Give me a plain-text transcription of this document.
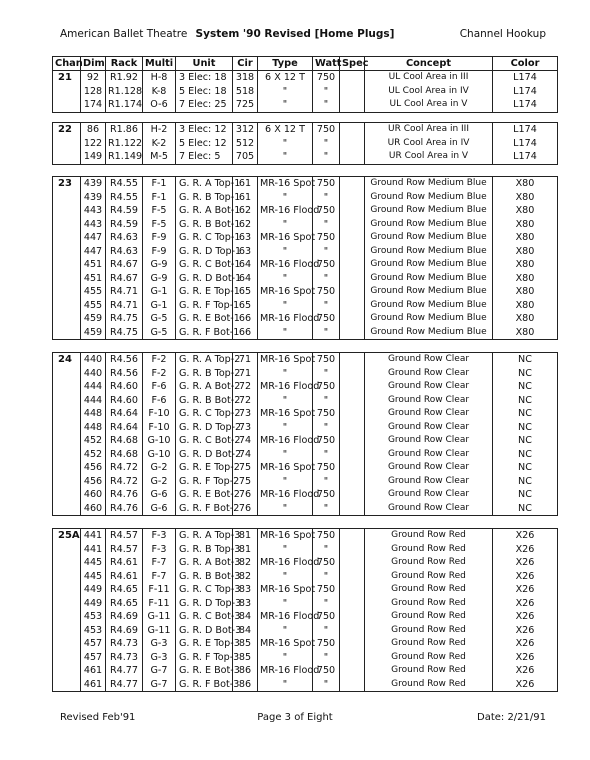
American Ballet Theatre System '90 Revised [Home Plugs]	Channel Hookup
Chan	Dim	Rack	Multi	Unit	Cir	Type	Watt	Spec	Concept	Color
21	92	R1.92	H-8	3 Elec: 18	318	6 X 12 T	750		UL Cool Area in III	L174
	128	R1.128	K-8	5 Elec: 18	518	"	"		UL Cool Area in IV	L174
	174	R1.174	O-6	7 Elec: 25	725	"	"		UL Cool Area in V	L174
22	86	R1.86	H-2	3 Elec: 12	312	6 X 12 T	750		UR Cool Area in III	L174
	122	R1.122	K-2	5 Elec: 12	512	"	"		UR Cool Area in IV	L174
	149	R1.149	M-5	7 Elec: 5	705	"	"		UR Cool Area in V	L174
23	439	R4.55	F-1	G. R. A Top-1	61	MR-16 Spot	750		Ground Row Medium Blue	X80
	439	R4.55	F-1	G. R. B Top-1	61	"	"		Ground Row Medium Blue	X80
	443	R4.59	F-5	G. R. A Bot-1	62	MR-16 Flood	750		Ground Row Medium Blue	X80
	443	R4.59	F-5	G. R. B Bot-1	62	"	"		Ground Row Medium Blue	X80
	447	R4.63	F-9	G. R. C Top-1	63	MR-16 Spot	750		Ground Row Medium Blue	X80
	447	R4.63	F-9	G. R. D Top-1	63	"	"		Ground Row Medium Blue	X80
	451	R4.67	G-9	G. R. C Bot-1	64	MR-16 Flood	750		Ground Row Medium Blue	X80
	451	R4.67	G-9	G. R. D Bot-1	64	"	"		Ground Row Medium Blue	X80
	455	R4.71	G-1	G. R. E Top-1	65	MR-16 Spot	750		Ground Row Medium Blue	X80
	455	R4.71	G-1	G. R. F Top-1	65	"	"		Ground Row Medium Blue	X80
	459	R4.75	G-5	G. R. E Bot-1	66	MR-16 Flood	750		Ground Row Medium Blue	X80
	459	R4.75	G-5	G. R. F Bot-1	66	"	"		Ground Row Medium Blue	X80
24	440	R4.56	F-2	G. R. A Top-2	71	MR-16 Spot	750		Ground Row Clear	NC
	440	R4.56	F-2	G. R. B Top-2	71	"	"		Ground Row Clear	NC
	444	R4.60	F-6	G. R. A Bot-2	72	MR-16 Flood	750		Ground Row Clear	NC
	444	R4.60	F-6	G. R. B Bot-2	72	"	"		Ground Row Clear	NC
	448	R4.64	F-10	G. R. C Top-2	73	MR-16 Spot	750		Ground Row Clear	NC
	448	R4.64	F-10	G. R. D Top-2	73	"	"		Ground Row Clear	NC
	452	R4.68	G-10	G. R. C Bot-2	74	MR-16 Flood	750		Ground Row Clear	NC
	452	R4.68	G-10	G. R. D Bot-2	74	"	"		Ground Row Clear	NC
	456	R4.72	G-2	G. R. E Top-2	75	MR-16 Spot	750		Ground Row Clear	NC
	456	R4.72	G-2	G. R. F Top-2	75	"	"		Ground Row Clear	NC
	460	R4.76	G-6	G. R. E Bot-2	76	MR-16 Flood	750		Ground Row Clear	NC
	460	R4.76	G-6	G. R. F Bot-2	76	"	"		Ground Row Clear	NC
25A	441	R4.57	F-3	G. R. A Top-3	81	MR-16 Spot	750		Ground Row Red	X26
	441	R4.57	F-3	G. R. B Top-3	81	"	"		Ground Row Red	X26
	445	R4.61	F-7	G. R. A Bot-3	82	MR-16 Flood	750		Ground Row Red	X26
	445	R4.61	F-7	G. R. B Bot-3	82	"	"		Ground Row Red	X26
	449	R4.65	F-11	G. R. C Top-3	83	MR-16 Spot	750		Ground Row Red	X26
	449	R4.65	F-11	G. R. D Top-3	83	"	"		Ground Row Red	X26
	453	R4.69	G-11	G. R. C Bot-3	84	MR-16 Flood	750		Ground Row Red	X26
	453	R4.69	G-11	G. R. D Bot-3	84	"	"		Ground Row Red	X26
	457	R4.73	G-3	G. R. E Top-3	85	MR-16 Spot	750		Ground Row Red	X26
	457	R4.73	G-3	G. R. F Top-3	85	"	"		Ground Row Red	X26
	461	R4.77	G-7	G. R. E Bot-3	86	MR-16 Flood	750		Ground Row Red	X26
	461	R4.77	G-7	G. R. F Bot-3	86	"	"		Ground Row Red	X26
Revised Feb'91	Page 3 of Eight	Date: 2/21/91
